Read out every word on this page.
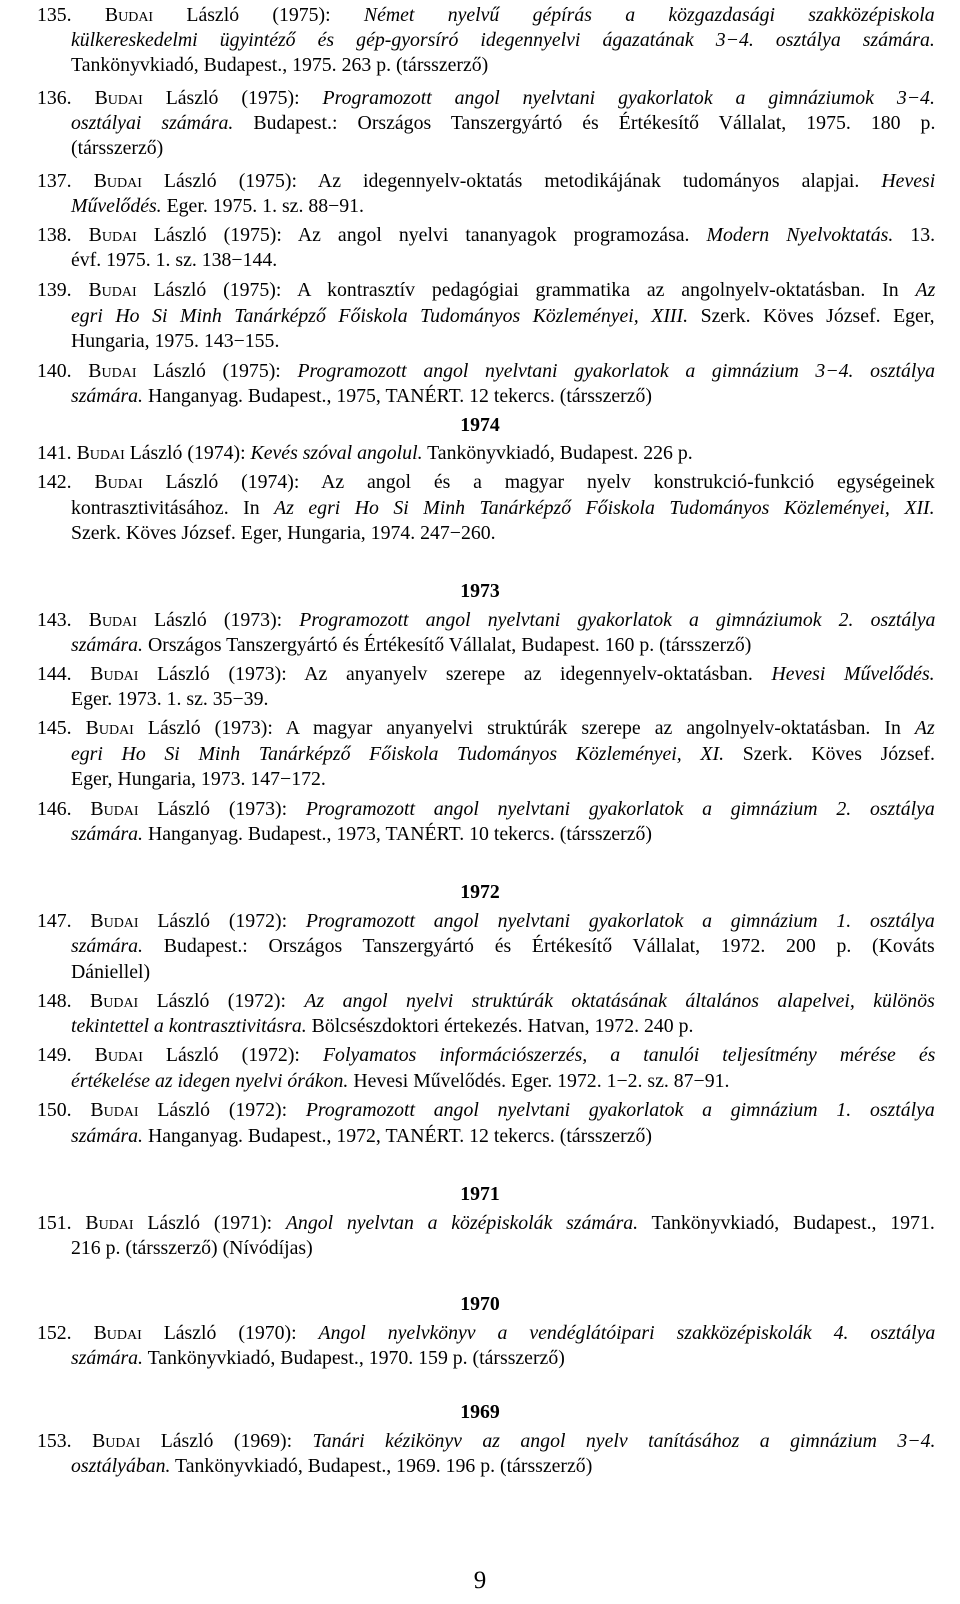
135. Budai László (1975): Német nyelvű gépírás a közgazdasági szakközépiskola
külkereskedelmi ügyintéző és gép-gyorsíró idegennyelvi ágazatának 3−4. osztálya számára.
Tankönyvkiadó, Budapest., 1975. 263 p. (társszerző)
136. Budai László (1975): Programozott angol nyelvtani gyakorlatok a gimnáziumok 3−4.
osztályai számára. Budapest.: Országos Tanszergyártó és Értékesítő Vállalat, 1975. 180 p.
(társszerző)
137. Budai László (1975): Az idegennyelv-oktatás metodikájának tudományos alapjai. Hevesi
Művelődés. Eger. 1975. 1. sz. 88−91.
138. Budai László (1975): Az angol nyelvi tananyagok programozása. Modern Nyelvoktatás. 13.
évf. 1975. 1. sz. 138−144.
139. Budai László (1975): A kontrasztív pedagógiai grammatika az angolnyelv-oktatásban. In Az
egri Ho Si Minh Tanárképző Főiskola Tudományos Közleményei, XIII. Szerk. Köves József. Eger,
Hungaria, 1975. 143−155.
140. Budai László (1975): Programozott angol nyelvtani gyakorlatok a gimnázium 3−4. osztálya
számára. Hanganyag. Budapest., 1975, TANÉRT. 12 tekercs. (társszerző)
1974
141. Budai László (1974): Kevés szóval angolul. Tankönyvkiadó, Budapest. 226 p.
142. Budai László (1974): Az angol és a magyar nyelv konstrukció-funkció egységeinek
kontrasztivitásához. In Az egri Ho Si Minh Tanárképző Főiskola Tudományos Közleményei, XII.
Szerk. Köves József. Eger, Hungaria, 1974. 247−260.
1973
143. Budai László (1973): Programozott angol nyelvtani gyakorlatok a gimnáziumok 2. osztálya
számára. Országos Tanszergyártó és Értékesítő Vállalat, Budapest. 160 p. (társszerző)
144. Budai László (1973): Az anyanyelv szerepe az idegennyelv-oktatásban. Hevesi Művelődés.
Eger. 1973. 1. sz. 35−39.
145. Budai László (1973): A magyar anyanyelvi struktúrák szerepe az angolnyelv-oktatásban. In Az
egri Ho Si Minh Tanárképző Főiskola Tudományos Közleményei, XI. Szerk. Köves József.
Eger, Hungaria, 1973. 147−172.
146. Budai László (1973): Programozott angol nyelvtani gyakorlatok a gimnázium 2. osztálya
számára. Hanganyag. Budapest., 1973, TANÉRT. 10 tekercs. (társszerző)
1972
147. Budai László (1972): Programozott angol nyelvtani gyakorlatok a gimnázium 1. osztálya
számára. Budapest.: Országos Tanszergyártó és Értékesítő Vállalat, 1972. 200 p. (Kováts
Dániellel)
148. Budai László (1972): Az angol nyelvi struktúrák oktatásának általános alapelvei, különös
tekintettel a kontrasztivitásra. Bölcsészdoktori értekezés. Hatvan, 1972. 240 p.
149. Budai László (1972): Folyamatos információszerzés, a tanulói teljesítmény mérése és
értékelése az idegen nyelvi órákon. Hevesi Művelődés. Eger. 1972. 1−2. sz. 87−91.
150. Budai László (1972): Programozott angol nyelvtani gyakorlatok a gimnázium 1. osztálya
számára. Hanganyag. Budapest., 1972, TANÉRT. 12 tekercs. (társszerző)
1971
151. Budai László (1971): Angol nyelvtan a középiskolák számára. Tankönyvkiadó, Budapest., 1971.
216 p. (társszerző) (Nívódíjas)
1970
152. Budai László (1970): Angol nyelvkönyv a vendéglátóipari szakközépiskolák 4. osztálya
számára. Tankönyvkiadó, Budapest., 1970. 159 p. (társszerző)
1969
153. Budai László (1969): Tanári kézikönyv az angol nyelv tanításához a gimnázium 3−4.
osztályában. Tankönyvkiadó, Budapest., 1969. 196 p. (társszerző)
9
